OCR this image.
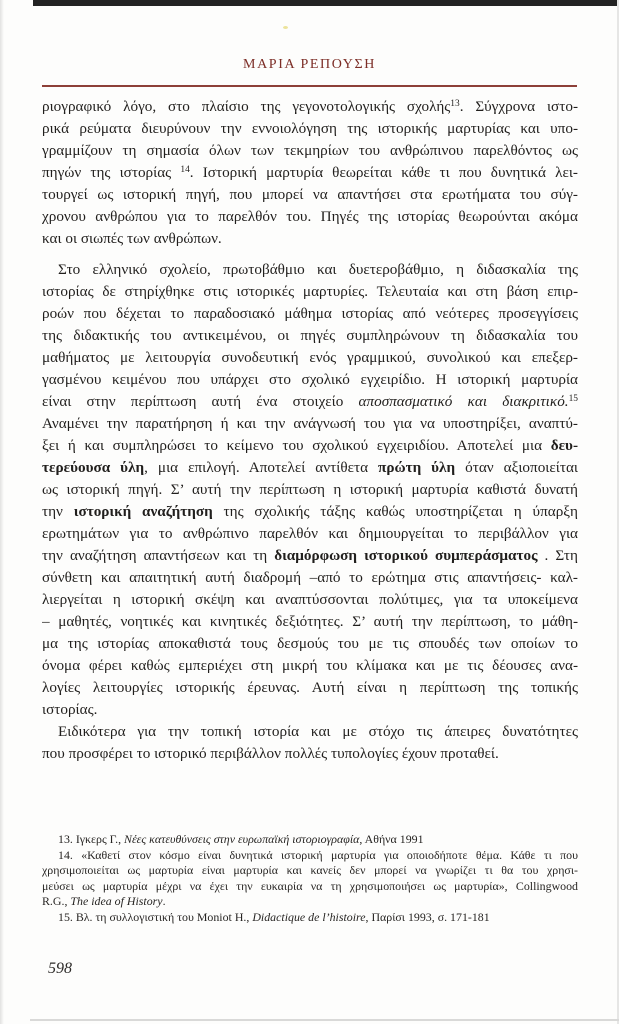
ΜΑΡΙΑ ΡΕΠΟΥΣΗ
ριογραφικό λόγο, στο πλαίσιο της γεγονοτολογικής σχολής$^{13}$. Σύγχρονα ιστο-
ρικά ρεύματα διευρύνουν την εννοιολόγηση της ιστορικής μαρτυρίας και υπο-
γραμμίζουν τη σημασία όλων των τεκμηρίων του ανθρώπινου παρελθόντος ως
πηγών της ιστορίας $^{14}$. Ιστορική μαρτυρία θεωρείται κάθε τι που δυνητικά λει-
τουργεί ως ιστορική πηγή, που μπορεί να απαντήσει στα ερωτήματα του σύγ-
χρονου ανθρώπου για το παρελθόν του. Πηγές της ιστορίας θεωρούνται ακόμα
και οι σιωπές των ανθρώπων.
Στο ελληνικό σχολείο, πρωτοβάθμιο και δυετεροβάθμιο, η διδασκαλία της
ιστορίας δε στηρίχθηκε στις ιστορικές μαρτυρίες. Τελευταία και στη βάση επιρ-
ροών που δέχεται το παραδοσιακό μάθημα ιστορίας από νεότερες προσεγγίσεις
της διδακτικής του αντικειμένου, οι πηγές συμπληρώνουν τη διδασκαλία του
μαθήματος με λειτουργία συνοδευτική ενός γραμμικού, συνολικού και επεξερ-
γασμένου κειμένου που υπάρχει στο σχολικό εγχειρίδιο. Η ιστορική μαρτυρία
είναι στην περίπτωση αυτή ένα στοιχείο αποσπασματικό και διακριτικό.$^{15}$
Αναμένει την παρατήρηση ή και την ανάγνωσή του για να υποστηρίξει, αναπτύ-
ξει ή και συμπληρώσει το κείμενο του σχολικού εγχειριδίου. Αποτελεί μια δευ-
τερεύουσα ύλη, μια επιλογή. Αποτελεί αντίθετα πρώτη ύλη όταν αξιοποιείται
ως ιστορική πηγή. Σ’ αυτή την περίπτωση η ιστορική μαρτυρία καθιστά δυνατή
την ιστορική αναζήτηση της σχολικής τάξης καθώς υποστηρίζεται η ύπαρξη
ερωτημάτων για το ανθρώπινο παρελθόν και δημιουργείται το περιβάλλον για
την αναζήτηση απαντήσεων και τη διαμόρφωση ιστορικού συμπεράσματος . Στη
σύνθετη και απαιτητική αυτή διαδρομή –από το ερώτημα στις απαντήσεις- καλ-
λιεργείται η ιστορική σκέψη και αναπτύσσονται πολύτιμες, για τα υποκείμενα
– μαθητές, νοητικές και κινητικές δεξιότητες. Σ’ αυτή την περίπτωση, το μάθη-
μα της ιστορίας αποκαθιστά τους δεσμούς του με τις σπουδές των οποίων το
όνομα φέρει καθώς εμπεριέχει στη μικρή του κλίμακα και με τις δέουσες ανα-
λογίες λειτουργίες ιστορικής έρευνας. Αυτή είναι η περίπτωση της τοπικής
ιστορίας.
Ειδικότερα για την τοπική ιστορία και με στόχο τις άπειρες δυνατότητες
που προσφέρει το ιστορικό περιβάλλον πολλές τυπολογίες έχουν προταθεί.
13. Ιγκερς Γ., Νέες κατευθύνσεις στην ευρωπαϊκή ιστοριογραφία, Αθήνα 1991
14. «Καθετί στον κόσμο είναι δυνητικά ιστορική μαρτυρία για οποιοδήποτε θέμα. Κάθε τι που
χρησιμοποιείται ως μαρτυρία είναι μαρτυρία και κανείς δεν μπορεί να γνωρίζει τι θα του χρησι-
μεύσει ως μαρτυρία μέχρι να έχει την ευκαιρία να τη χρησιμοποιήσει ως μαρτυρία», Collingwood
R.G., The idea of History.
15. Βλ. τη συλλογιστική του Moniot H., Didactique de l’histoire, Παρίσι 1993, σ. 171-181
598
